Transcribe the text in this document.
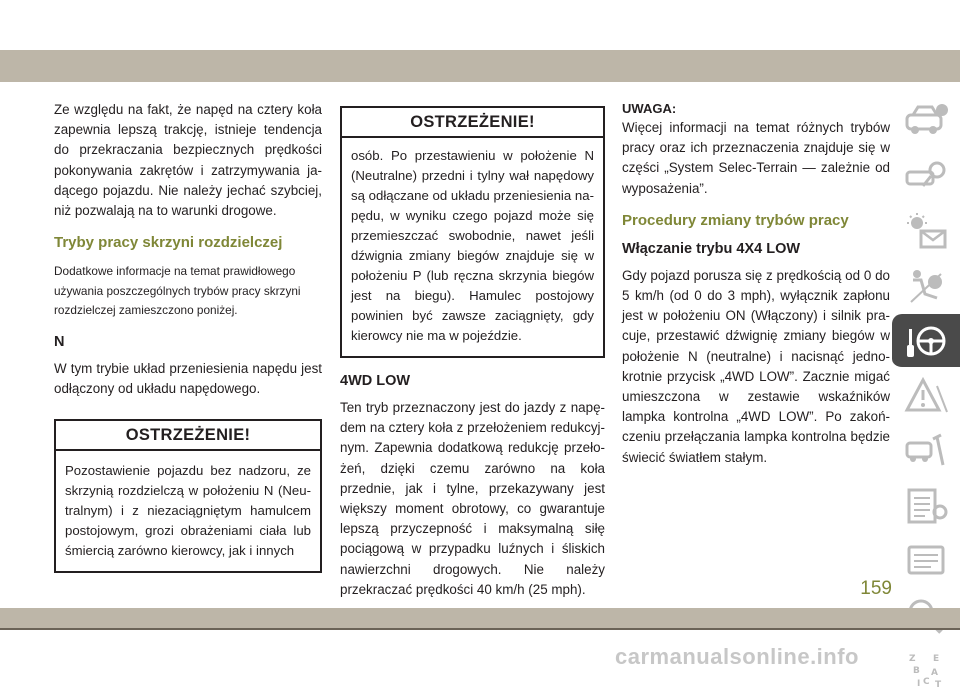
Ze względu na fakt, że napęd na cztery koła zapewnia lepszą trakcję, istnieje tendencja do przekraczania bezpiecznych prędkości pokonywania zakrętów i zatrzymywania jadącego pojazdu. Nie należy jechać szybciej, niż pozwalają na to warunki drogowe.

Tryby pracy skrzyni rozdzielczej

Dodatkowe informacje na temat prawidłowego używania poszczególnych trybów pracy skrzyni rozdzielczej zamieszczono poniżej.

N

W tym trybie układ przeniesienia napędu jest odłączony od układu napędowego.

OSTRZEŻENIE!
Pozostawienie pojazdu bez nadzoru, ze skrzynią rozdzielczą w położeniu N (Neutralnym) i z niezaciągniętym hamulcem postojowym, grozi obrażeniami ciała lub śmiercią zarówno kierowcy, jak i innych
OSTRZEŻENIE!
osób. Po przestawieniu w położenie N (Neutralne) przedni i tylny wał napędowy są odłączane od układu przeniesienia napędu, w wyniku czego pojazd może się przemieszczać swobodnie, nawet jeśli dźwignia zmiany biegów znajduje się w położeniu P (lub ręczna skrzynia biegów jest na biegu). Hamulec postojowy powinien być zawsze zaciągnięty, gdy kierowcy nie ma w pojeździe.
4WD LOW

Ten tryb przeznaczony jest do jazdy z napędem na cztery koła z przełożeniem redukcyjnym. Zapewnia dodatkową redukcję przełożeń, dzięki czemu zarówno na koła przednie, jak i tylne, przekazywany jest większy moment obrotowy, co gwarantuje lepszą przyczepność i maksymalną siłę pociągową w przypadku luźnych i śliskich nawierzchni drogowych. Nie należy przekraczać prędkości 40 km/h (25 mph).

UWAGA:

Więcej informacji na temat różnych trybów pracy oraz ich przeznaczenia znajduje się w części „System Selec-Terrain — zależnie od wyposażenia”.

Procedury zmiany trybów pracy
Włączanie trybu 4X4 LOW

Gdy pojazd porusza się z prędkością od 0 do 5 km/h (od 0 do 3 mph), wyłącznik zapłonu jest w położeniu ON (Włączony) i silnik pracuje, przestawić dźwignię zmiany biegów w położenie N (neutralne) i nacisnąć jednokrotnie przycisk „4WD LOW”. Zacznie migać umieszczona w zestawie wskaźników lampka kontrolna „4WD LOW”. Po zakończeniu przełączania lampka kontrolna będzie świecić światłem stałym.

Z E
B A
I C T
159
carmanualsonline.info
